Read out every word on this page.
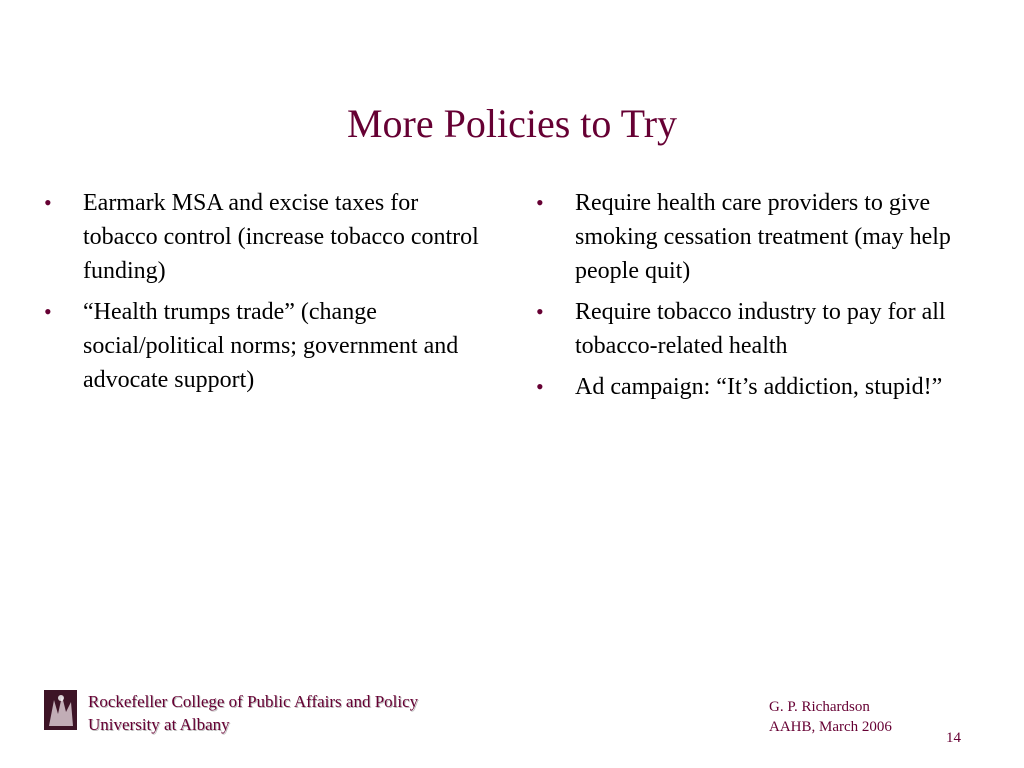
More Policies to Try
•	Earmark MSA and excise taxes for tobacco control (increase tobacco control funding)
•	“Health trumps trade” (change social/political norms; government and advocate support)
•	Require health care providers to give smoking cessation treatment (may help people quit)
•	Require tobacco industry to pay for all tobacco-related health
•	Ad campaign: “It’s addiction, stupid!”
Rockefeller College of Public Affairs and Policy
University at Albany
G. P. Richardson
AAHB, March 2006
14
